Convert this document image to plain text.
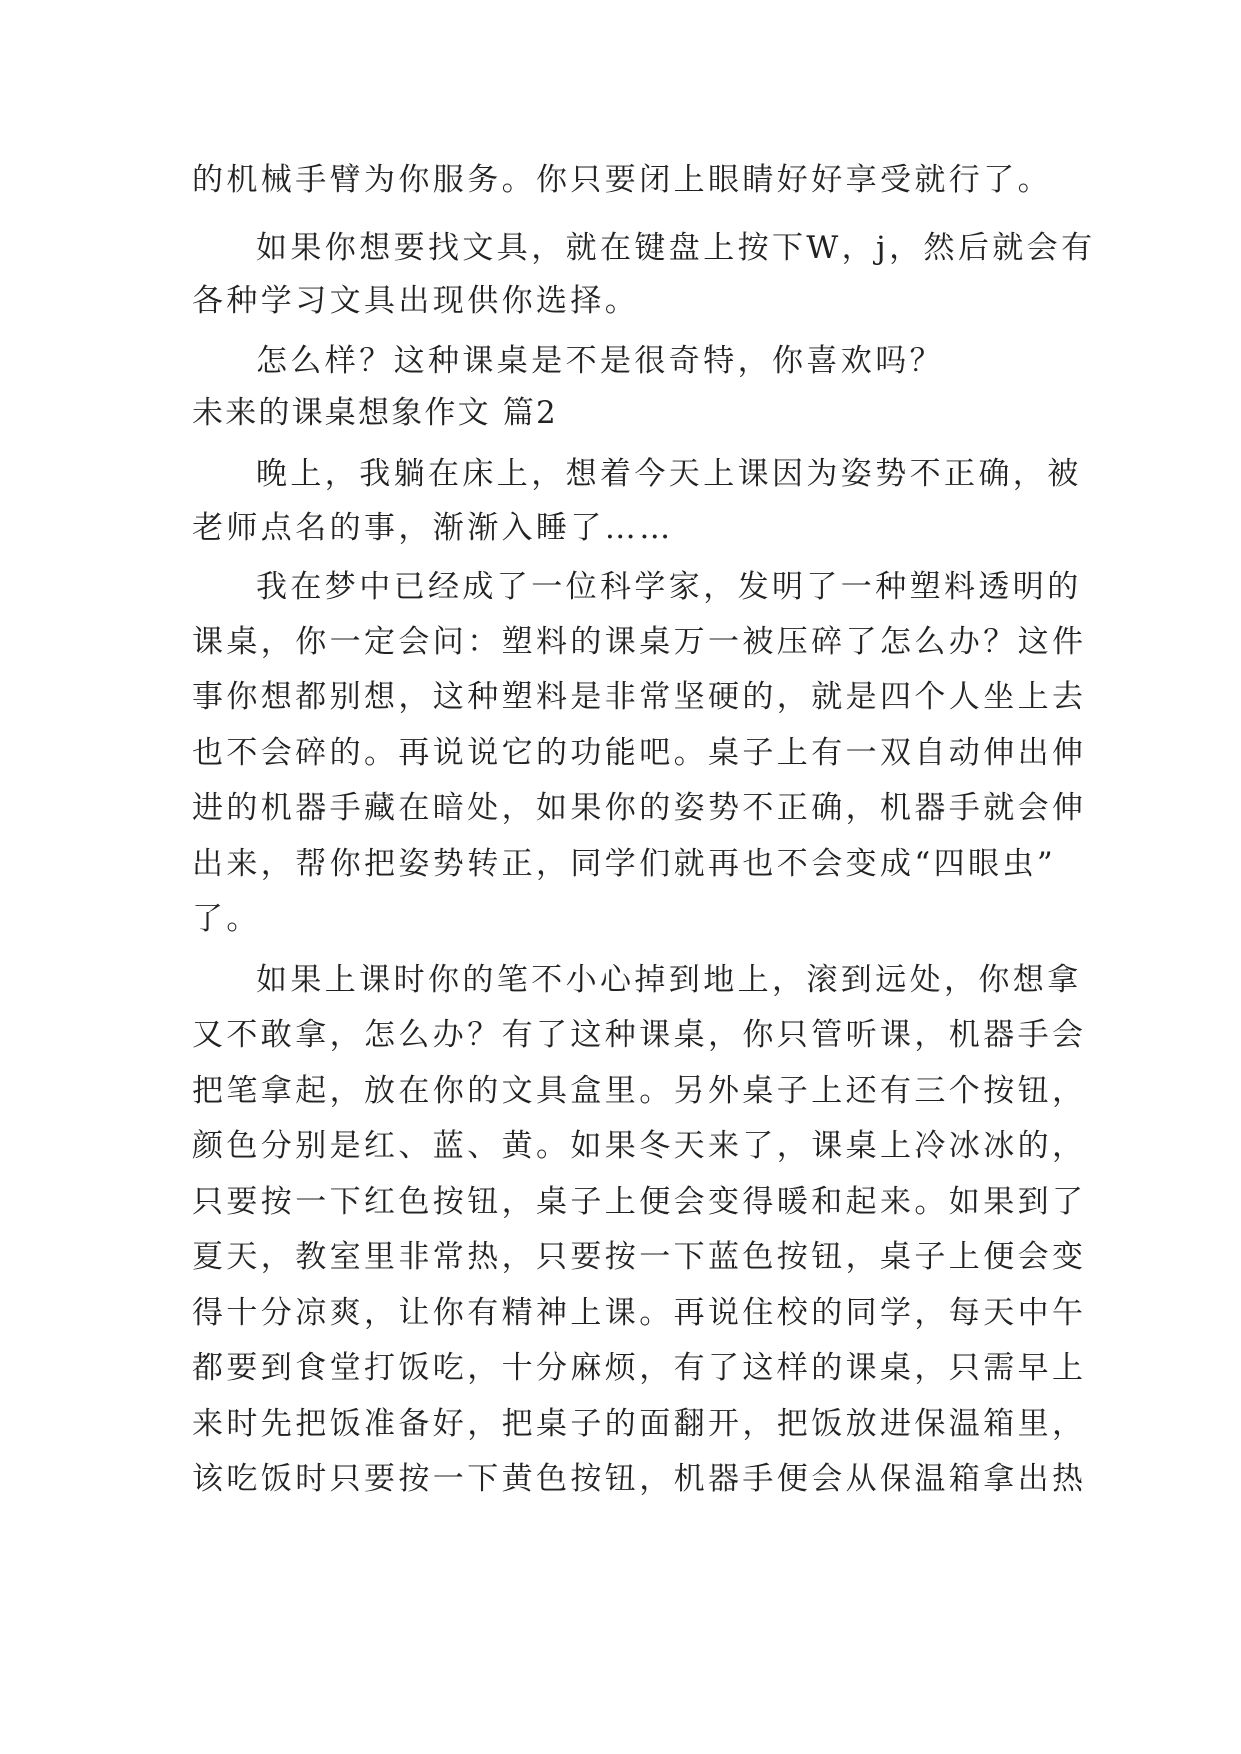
的机械手臂为你服务。你只要闭上眼睛好好享受就行了。
如果你想要找文具，就在键盘上按下W，j，然后就会有
各种学习文具出现供你选择。
怎么样？这种课桌是不是很奇特，你喜欢吗？
未来的课桌想象作文 篇2
晚上，我躺在床上，想着今天上课因为姿势不正确，被
老师点名的事，渐渐入睡了……
我在梦中已经成了一位科学家，发明了一种塑料透明的
课桌，你一定会问：塑料的课桌万一被压碎了怎么办？这件
事你想都别想，这种塑料是非常坚硬的，就是四个人坐上去
也不会碎的。再说说它的功能吧。桌子上有一双自动伸出伸
进的机器手藏在暗处，如果你的姿势不正确，机器手就会伸
出来，帮你把姿势转正，同学们就再也不会变成“四眼虫”
了。
如果上课时你的笔不小心掉到地上，滚到远处，你想拿
又不敢拿，怎么办？有了这种课桌，你只管听课，机器手会
把笔拿起，放在你的文具盒里。另外桌子上还有三个按钮，
颜色分别是红、蓝、黄。如果冬天来了，课桌上冷冰冰的，
只要按一下红色按钮，桌子上便会变得暖和起来。如果到了
夏天，教室里非常热，只要按一下蓝色按钮，桌子上便会变
得十分凉爽，让你有精神上课。再说住校的同学，每天中午
都要到食堂打饭吃，十分麻烦，有了这样的课桌，只需早上
来时先把饭准备好，把桌子的面翻开，把饭放进保温箱里，
该吃饭时只要按一下黄色按钮，机器手便会从保温箱拿出热
